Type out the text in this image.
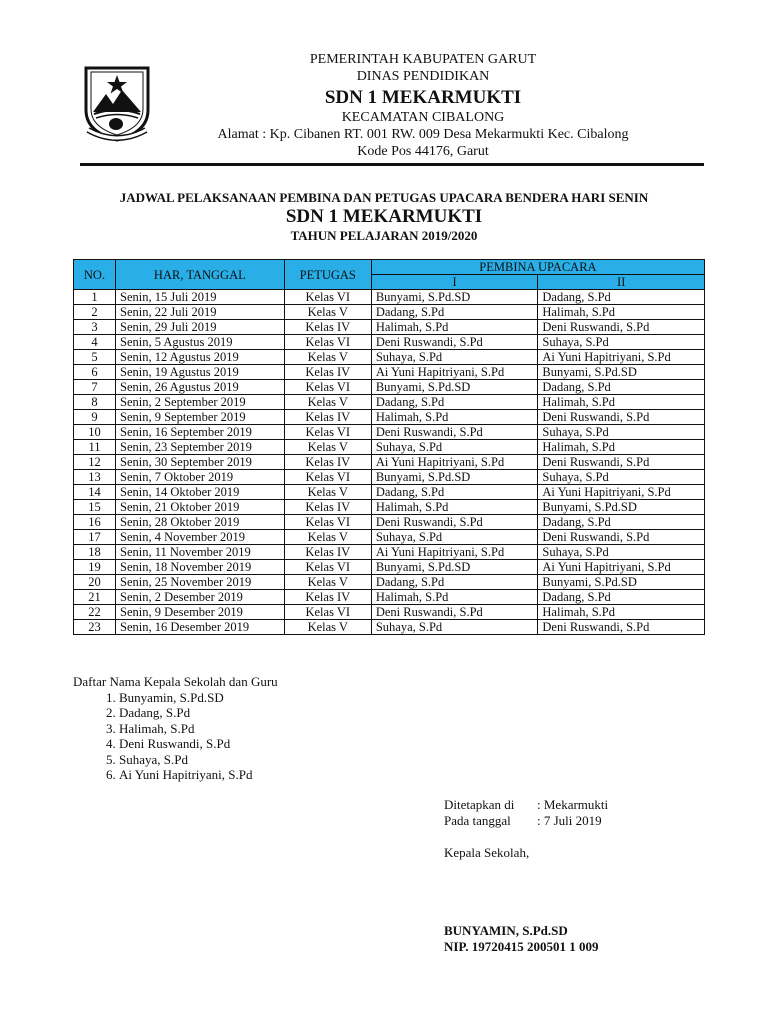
PEMERINTAH KABUPATEN GARUT
DINAS PENDIDIKAN
SDN 1 MEKARMUKTI
KECAMATAN CIBALONG
Alamat : Kp. Cibanen RT. 001 RW. 009 Desa Mekarmukti Kec. Cibalong
Kode Pos 44176, Garut
JADWAL PELAKSANAAN PEMBINA DAN PETUGAS UPACARA BENDERA HARI SENIN
SDN 1 MEKARMUKTI
TAHUN PELAJARAN 2019/2020
NO.	HAR, TANGGAL	PETUGAS	PEMBINA UPACARA	
			I	II
1	Senin, 15 Juli 2019	Kelas VI	Bunyami, S.Pd.SD	Dadang, S.Pd
2	Senin, 22 Juli 2019	Kelas V	Dadang, S.Pd	Halimah, S.Pd
3	Senin, 29 Juli 2019	Kelas IV	Halimah, S.Pd	Deni Ruswandi, S.Pd
4	Senin, 5 Agustus 2019	Kelas VI	Deni Ruswandi, S.Pd	Suhaya, S.Pd
5	Senin, 12 Agustus 2019	Kelas V	Suhaya, S.Pd	Ai Yuni Hapitriyani, S.Pd
6	Senin, 19 Agustus 2019	Kelas IV	Ai Yuni Hapitriyani, S.Pd	Bunyami, S.Pd.SD
7	Senin, 26 Agustus 2019	Kelas VI	Bunyami, S.Pd.SD	Dadang, S.Pd
8	Senin, 2 September 2019	Kelas V	Dadang, S.Pd	Halimah, S.Pd
9	Senin, 9 September 2019	Kelas IV	Halimah, S.Pd	Deni Ruswandi, S.Pd
10	Senin, 16 September 2019	Kelas VI	Deni Ruswandi, S.Pd	Suhaya, S.Pd
11	Senin, 23 September 2019	Kelas V	Suhaya, S.Pd	Halimah, S.Pd
12	Senin, 30 September 2019	Kelas IV	Ai Yuni Hapitriyani, S.Pd	Deni Ruswandi, S.Pd
13	Senin, 7 Oktober 2019	Kelas VI	Bunyami, S.Pd.SD	Suhaya, S.Pd
14	Senin, 14 Oktober 2019	Kelas V	Dadang, S.Pd	Ai Yuni Hapitriyani, S.Pd
15	Senin, 21 Oktober 2019	Kelas IV	Halimah, S.Pd	Bunyami, S.Pd.SD
16	Senin, 28 Oktober 2019	Kelas VI	Deni Ruswandi, S.Pd	Dadang, S.Pd
17	Senin, 4 November 2019	Kelas V	Suhaya, S.Pd	Deni Ruswandi, S.Pd
18	Senin, 11 November 2019	Kelas IV	Ai Yuni Hapitriyani, S.Pd	Suhaya, S.Pd
19	Senin, 18 November 2019	Kelas VI	Bunyami, S.Pd.SD	Ai Yuni Hapitriyani, S.Pd
20	Senin, 25 November 2019	Kelas V	Dadang, S.Pd	Bunyami, S.Pd.SD
21	Senin, 2 Desember 2019	Kelas IV	Halimah, S.Pd	Dadang, S.Pd
22	Senin, 9 Desember 2019	Kelas VI	Deni Ruswandi, S.Pd	Halimah, S.Pd
23	Senin, 16 Desember 2019	Kelas V	Suhaya, S.Pd	Deni Ruswandi, S.Pd
Daftar Nama Kepala Sekolah dan Guru
1. Bunyamin, S.Pd.SD
2. Dadang, S.Pd
3. Halimah, S.Pd
4. Deni Ruswandi, S.Pd
5. Suhaya, S.Pd
6. Ai Yuni Hapitriyani, S.Pd
Ditetapkan di : Mekarmukti
Pada tanggal : 7 Juli 2019
Kepala Sekolah,
BUNYAMIN, S.Pd.SD
NIP. 19720415 200501 1 009
